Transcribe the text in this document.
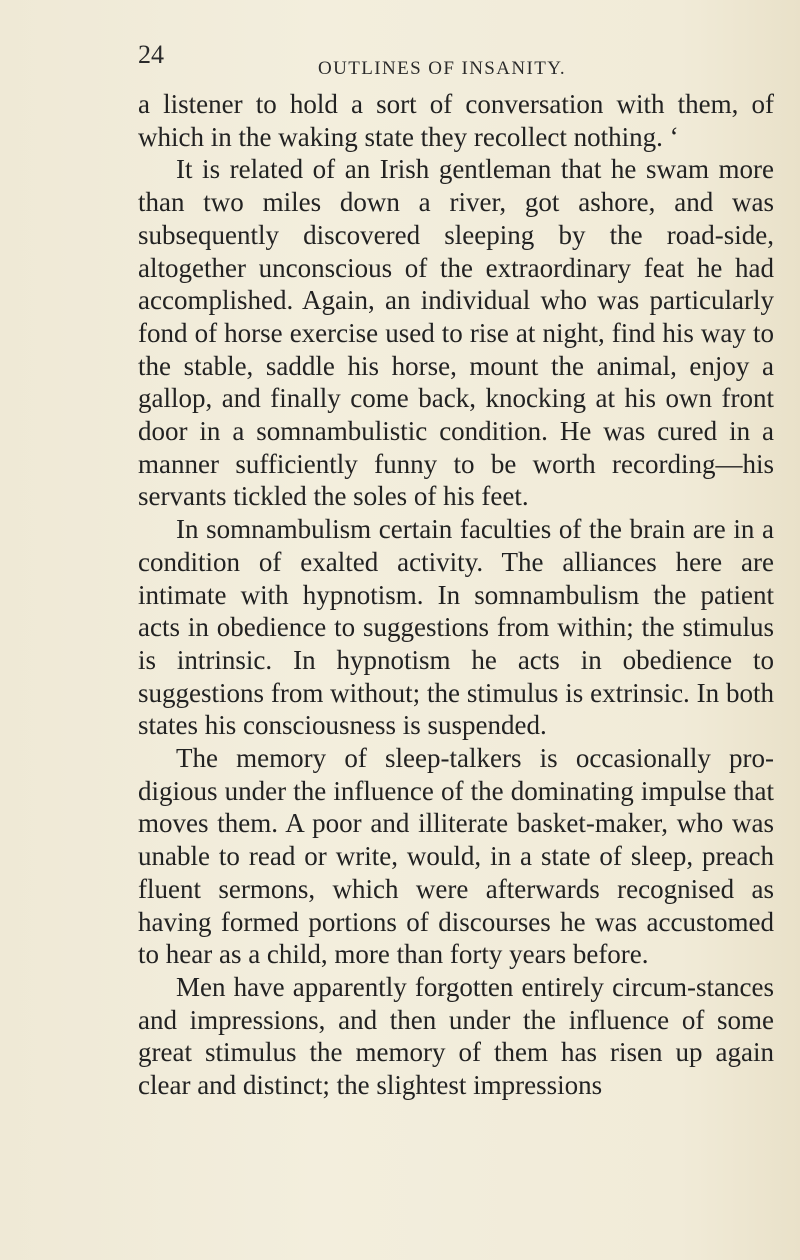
24	OUTLINES OF INSANITY.

a listener to hold a sort of conversation with them, of which in the waking state they recollect nothing. ‘

It is related of an Irish gentleman that he swam more than two miles down a river, got ashore, and was subsequently discovered sleeping by the road-side, altogether unconscious of the extraordinary feat he had accomplished. Again, an individual who was particularly fond of horse exercise used to rise at night, find his way to the stable, saddle his horse, mount the animal, enjoy a gallop, and finally come back, knocking at his own front door in a somnambulistic condition. He was cured in a manner sufficiently funny to be worth recording—his servants tickled the soles of his feet.

In somnambulism certain faculties of the brain are in a condition of exalted activity. The alliances here are intimate with hypnotism. In somnambulism the patient acts in obedience to suggestions from within; the stimulus is intrinsic. In hypnotism he acts in obedience to suggestions from without; the stimulus is extrinsic. In both states his consciousness is suspended.

The memory of sleep-talkers is occasionally pro-digious under the influence of the dominating impulse that moves them. A poor and illiterate basket-maker, who was unable to read or write, would, in a state of sleep, preach fluent sermons, which were afterwards recognised as having formed portions of discourses he was accustomed to hear as a child, more than forty years before.

Men have apparently forgotten entirely circum-stances and impressions, and then under the influence of some great stimulus the memory of them has risen up again clear and distinct; the slightest impressions
